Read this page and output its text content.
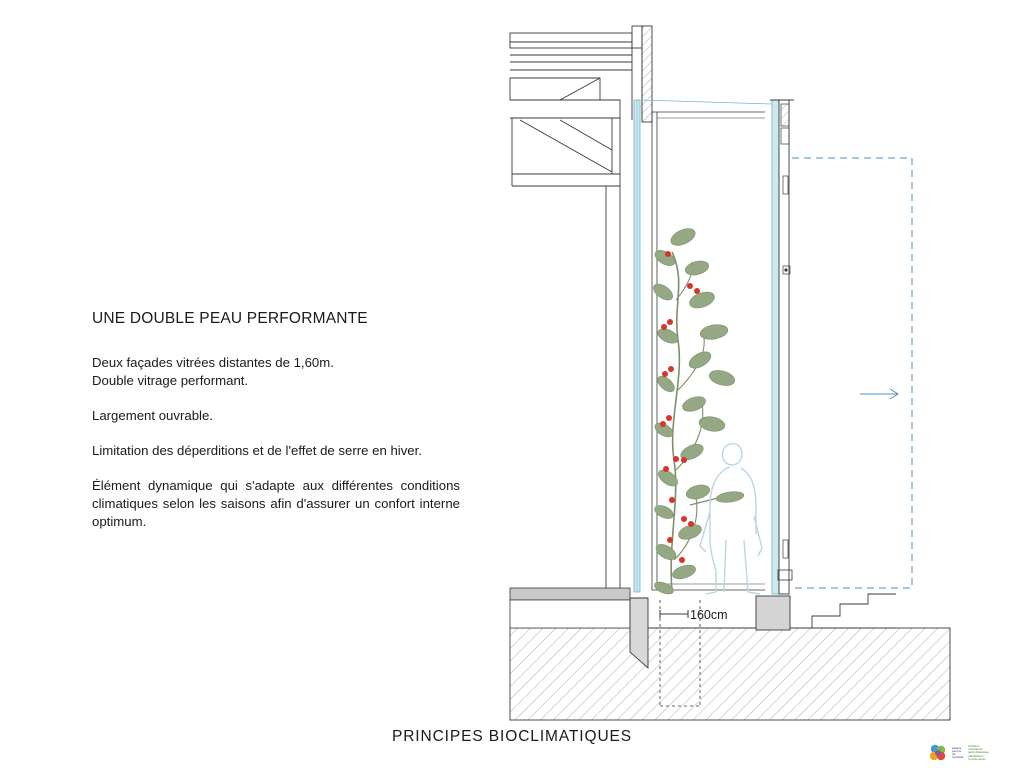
UNE DOUBLE PEAU PERFORMANTE
Deux façades vitrées distantes de 1,60m.
Double vitrage performant.
Largement ouvrable.
Limitation des déperditions et de l'effet de serre en hiver.
Élément dynamique qui s'adapte aux différentes conditions climatiques selon les saisons afin d'assurer un confort interne optimum.
160cm
PRINCIPES BIOCLIMATIQUES
espace
pour la
vie
montréal
biodôme
insectarium
jardin botanique
planétarium
rio tinto alcan
